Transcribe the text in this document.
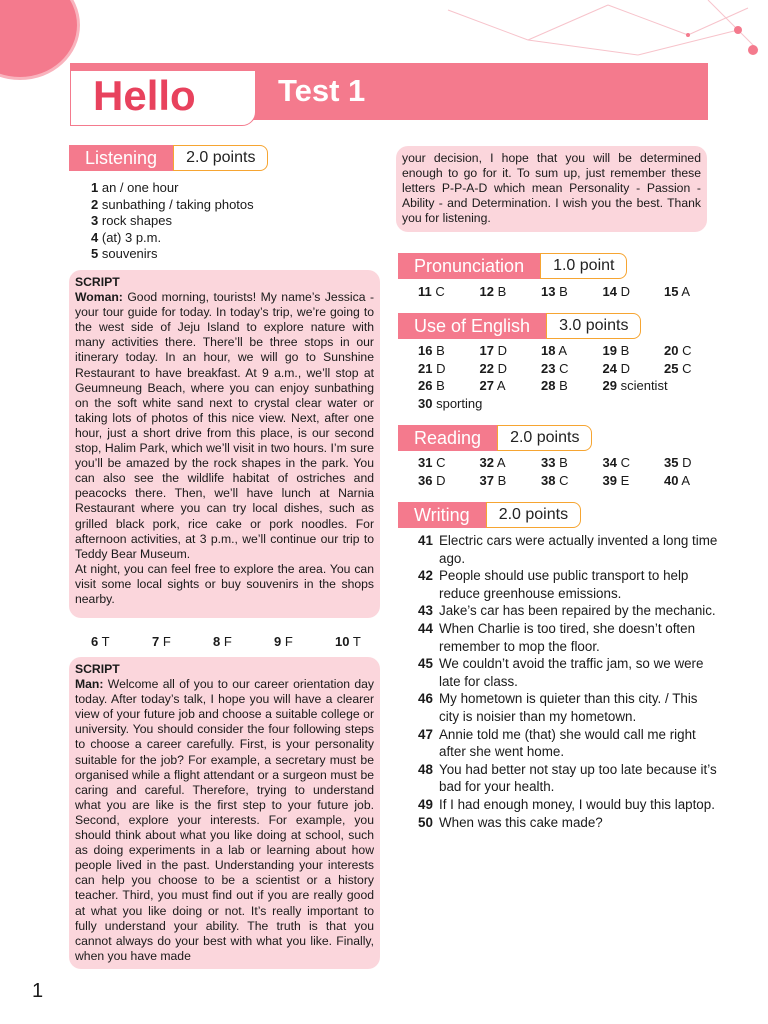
Hello	Test 1
Listening	2.0 points
1 an / one hour
2 sunbathing / taking photos
3 rock shapes
4 (at) 3 p.m.
5 souvenirs
SCRIPT

Woman: Good morning, tourists! My name’s Jessica - your tour guide for today. In today’s trip, we’re going to the west side of Jeju Island to explore nature with many activities there. There’ll be three stops in our itinerary today. In an hour, we will go to Sunshine Restaurant to have breakfast. At 9 a.m., we’ll stop at Geumneung Beach, where you can enjoy sunbathing on the soft white sand next to crystal clear water or taking lots of photos of this nice view. Next, after one hour, just a short drive from this place, is our second stop, Halim Park, which we’ll visit in two hours. I’m sure you’ll be amazed by the rock shapes in the park. You can also see the wildlife habitat of ostriches and peacocks there. Then, we’ll have lunch at Narnia Restaurant where you can try local dishes, such as grilled black pork, rice cake or pork noodles. For afternoon activities, at 3 p.m., we’ll continue our trip to Teddy Bear Museum.

At night, you can feel free to explore the area. You can visit some local sights or buy souvenirs in the shops nearby.

6 T	7 F	8 F	9 F	10 T
SCRIPT

Man: Welcome all of you to our career orientation day today. After today’s talk, I hope you will have a clearer view of your future job and choose a suitable college or university. You should consider the four following steps to choose a career carefully. First, is your personality suitable for the job? For example, a secretary must be organised while a flight attendant or a surgeon must be caring and careful. Therefore, trying to understand what you are like is the first step to your future job. Second, explore your interests. For example, you should think about what you like doing at school, such as doing experiments in a lab or learning about how people lived in the past. Understanding your interests can help you choose to be a scientist or a history teacher. Third, you must find out if you are really good at what you like doing or not. It’s really important to fully understand your ability. The truth is that you cannot always do your best with what you like. Finally, when you have made

your decision, I hope that you will be determined enough to go for it. To sum up, just remember these letters P-P-A-D which mean Personality - Passion - Ability - and Determination. I wish you the best. Thank you for listening.

Pronunciation	1.0 point
11 C	12 B	13 B	14 D	15 A
Use of English	3.0 points
16 B	17 D	18 A	19 B	20 C
21 D	22 D	23 C	24 D	25 C
26 B	27 A	28 B	29 scientist
30 sporting
Reading	2.0 points
31 C	32 A	33 B	34 C	35 D
36 D	37 B	38 C	39 E	40 A
Writing	2.0 points
41 Electric cars were actually invented a long time ago.
42 People should use public transport to help reduce greenhouse emissions.
43 Jake’s car has been repaired by the mechanic.
44 When Charlie is too tired, she doesn’t often remember to mop the floor.
45 We couldn’t avoid the traffic jam, so we were late for class.
46 My hometown is quieter than this city. / This city is noisier than my hometown.
47 Annie told me (that) she would call me right after she went home.
48 You had better not stay up too late because it’s bad for your health.
49 If I had enough money, I would buy this laptop.
50 When was this cake made?
1
